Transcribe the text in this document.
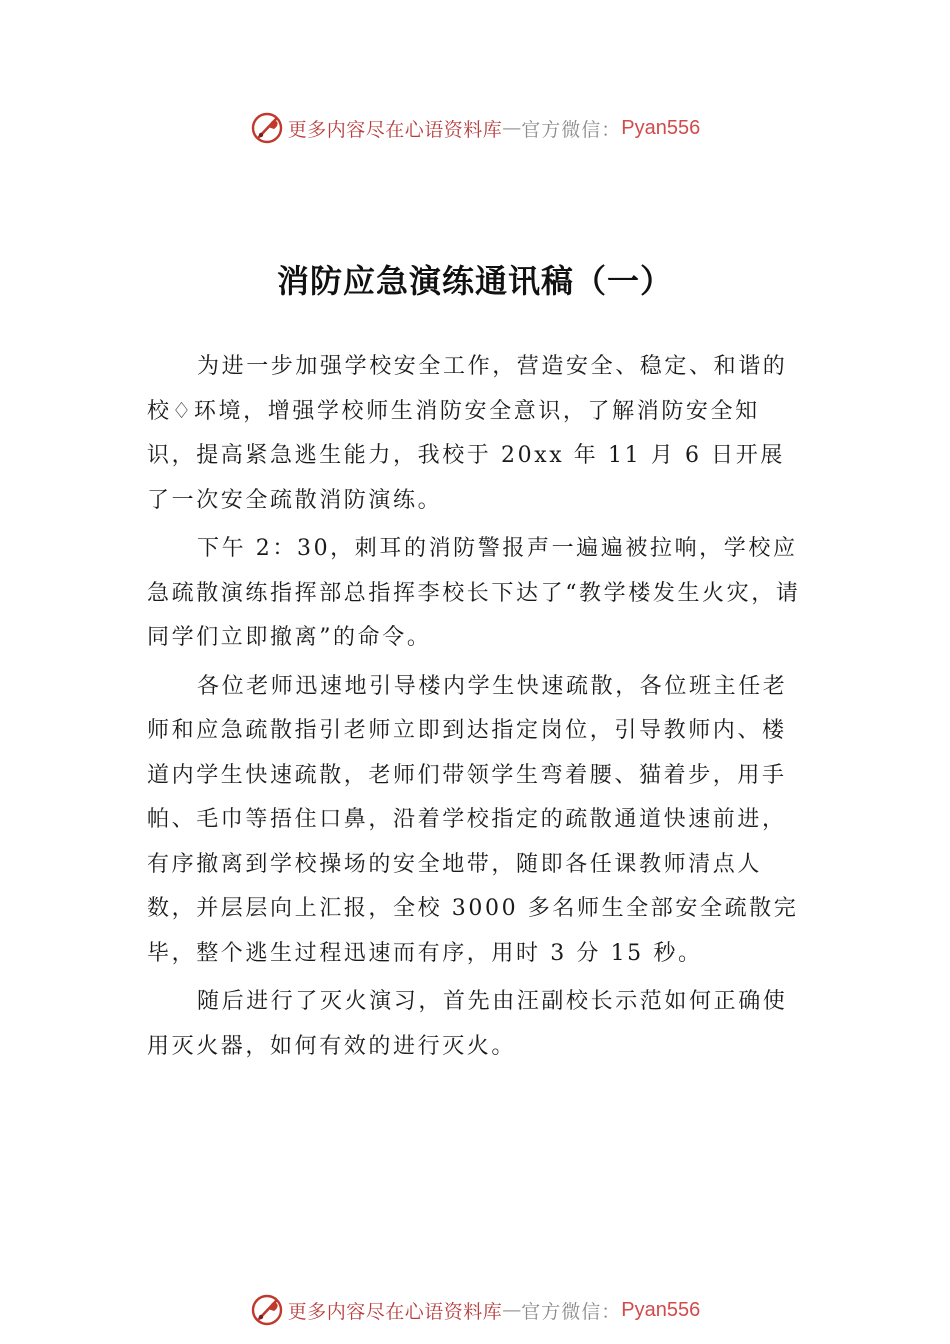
更多内容尽在心语资料库 — 官方微信： Pyan556
消防应急演练通讯稿（一）

为进一步加强学校安全工作，营造安全、稳定、和谐的校♢环境，增强学校师生消防安全意识，了解消防安全知识，提高紧急逃生能力，我校于 20xx 年 11 月 6 日开展了一次安全疏散消防演练。

下午 2：30，刺耳的消防警报声一遍遍被拉响，学校应急疏散演练指挥部总指挥李校长下达了“教学楼发生火灾，请同学们立即撤离”的命令。

各位老师迅速地引导楼内学生快速疏散，各位班主任老师和应急疏散指引老师立即到达指定岗位，引导教师内、楼道内学生快速疏散，老师们带领学生弯着腰、猫着步，用手帕、毛巾等捂住口鼻，沿着学校指定的疏散通道快速前进，有序撤离到学校操场的安全地带，随即各任课教师清点人数，并层层向上汇报，全校 3000 多名师生全部安全疏散完毕，整个逃生过程迅速而有序，用时 3 分 15 秒。

随后进行了灭火演习，首先由汪副校长示范如何正确使用灭火器，如何有效的进行灭火。

更多内容尽在心语资料库 — 官方微信： Pyan556
